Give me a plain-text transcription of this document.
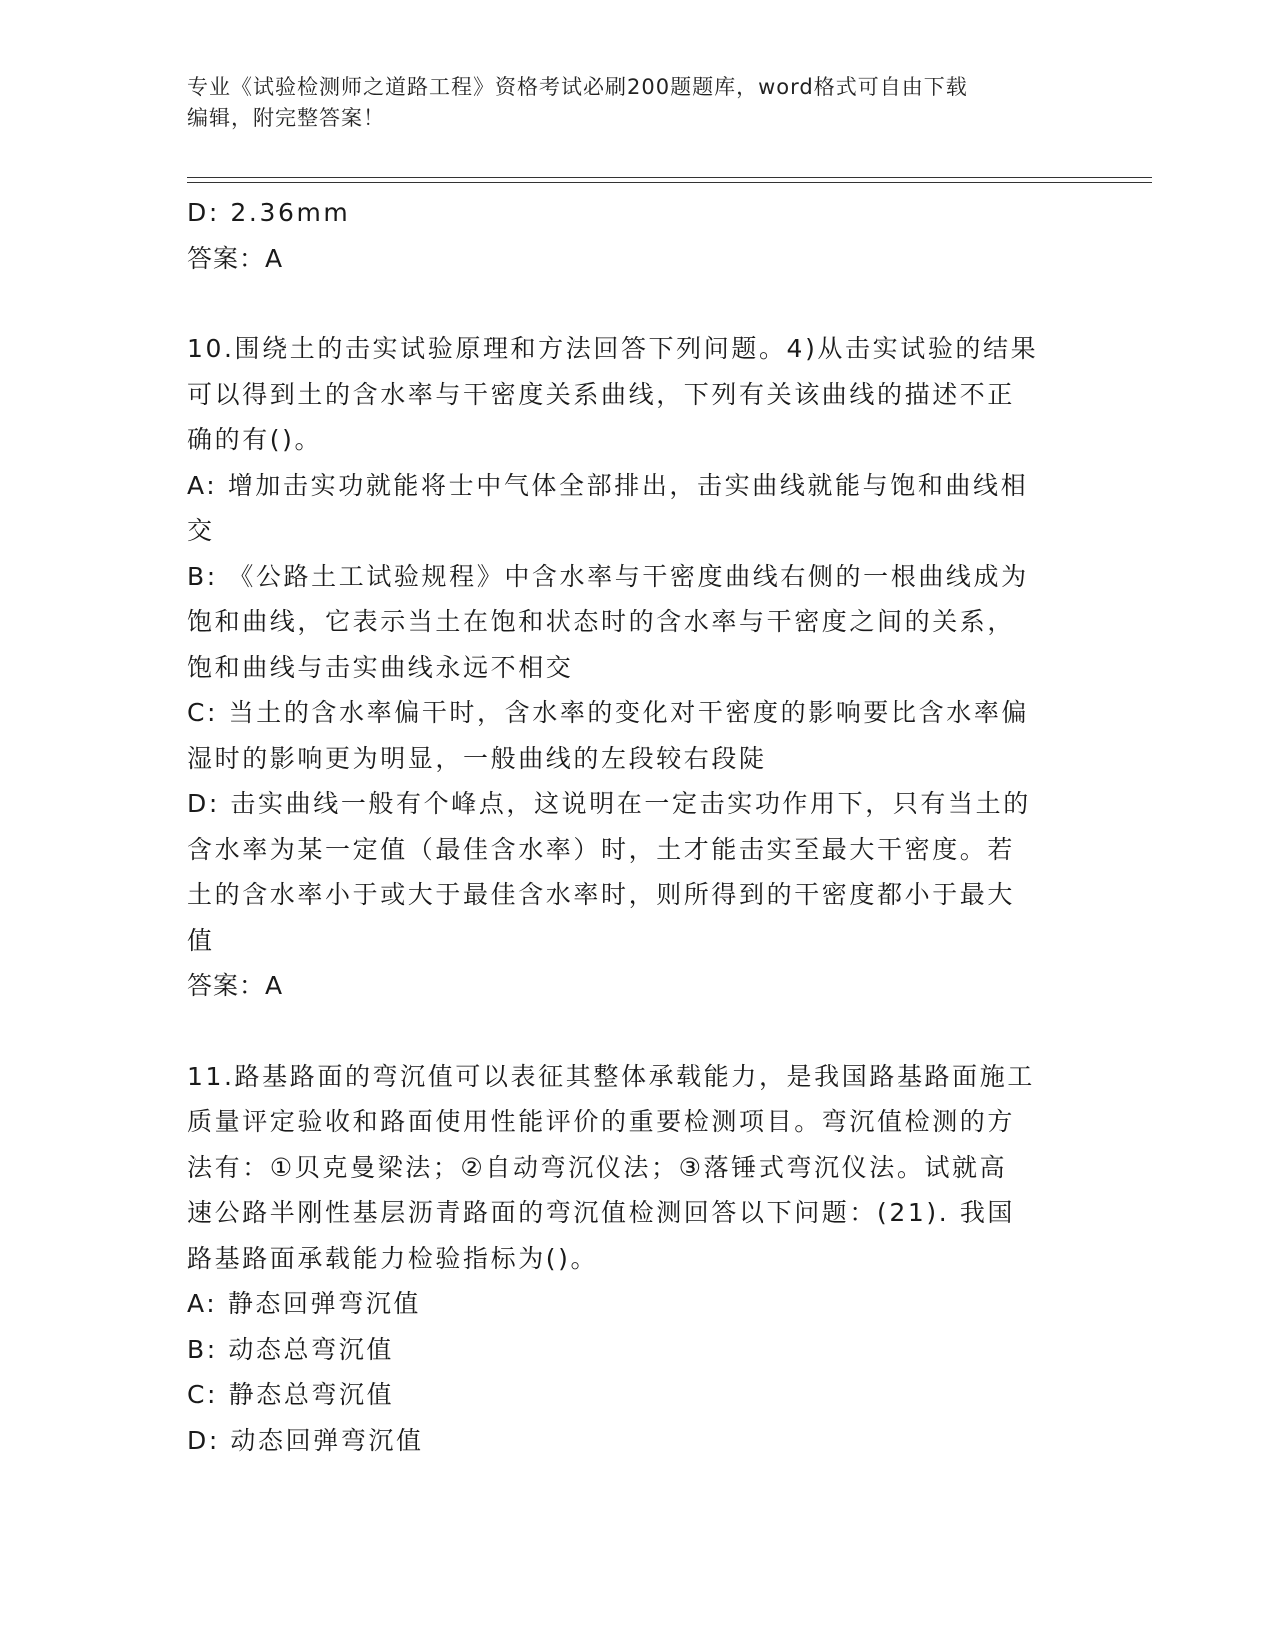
专业《试验检测师之道路工程》资格考试必刷200题题库，word格式可自由下载
编辑，附完整答案！

D: 2.36mm

答案：A

10.围绕土的击实试验原理和方法回答下列问题。4)从击实试验的结果

可以得到土的含水率与干密度关系曲线，下列有关该曲线的描述不正

确的有()。

A: 增加击实功就能将士中气体全部排出，击实曲线就能与饱和曲线相

交

B: 《公路土工试验规程》中含水率与干密度曲线右侧的一根曲线成为

饱和曲线，它表示当土在饱和状态时的含水率与干密度之间的关系，

饱和曲线与击实曲线永远不相交

C: 当土的含水率偏干时，含水率的变化对干密度的影响要比含水率偏

湿时的影响更为明显，一般曲线的左段较右段陡

D: 击实曲线一般有个峰点，这说明在一定击实功作用下，只有当土的

含水率为某一定值（最佳含水率）时，土才能击实至最大干密度。若

土的含水率小于或大于最佳含水率时，则所得到的干密度都小于最大

值

答案：A

11.路基路面的弯沉值可以表征其整体承载能力，是我国路基路面施工

质量评定验收和路面使用性能评价的重要检测项目。弯沉值检测的方

法有：①贝克曼梁法；②自动弯沉仪法；③落锤式弯沉仪法。试就高

速公路半刚性基层沥青路面的弯沉值检测回答以下问题：(21). 我国

路基路面承载能力检验指标为()。

A: 静态回弹弯沉值

B: 动态总弯沉值

C: 静态总弯沉值

D: 动态回弹弯沉值
